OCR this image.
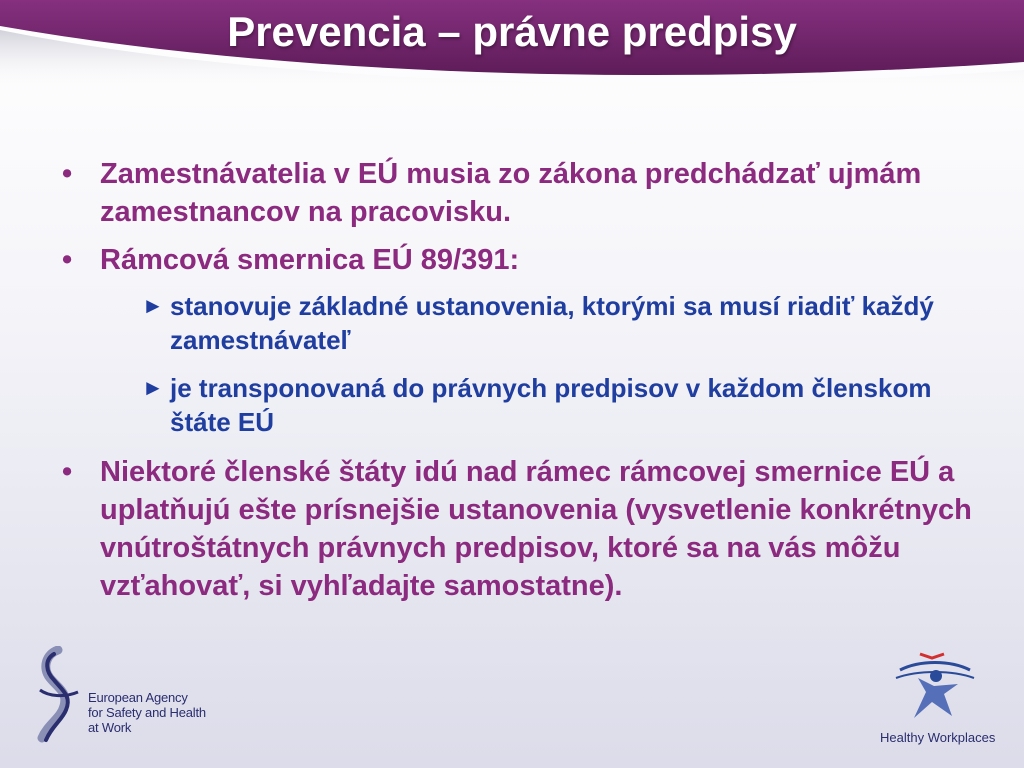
Prevencia – právne predpisy
• Zamestnávatelia v EÚ musia zo zákona predchádzať ujmám zamestnancov na pracovisku.
• Rámcová smernica EÚ 89/391:
► stanovuje základné ustanovenia, ktorými sa musí riadiť každý zamestnávateľ
► je transponovaná do právnych predpisov v každom členskom štáte EÚ
• Niektoré členské štáty idú nad rámec rámcovej smernice EÚ a uplatňujú ešte prísnejšie ustanovenia (vysvetlenie konkrétnych vnútroštátnych právnych predpisov, ktoré sa na vás môžu vzťahovať, si vyhľadajte samostatne).
European Agency
for Safety and Health
at Work
Healthy Workplaces
